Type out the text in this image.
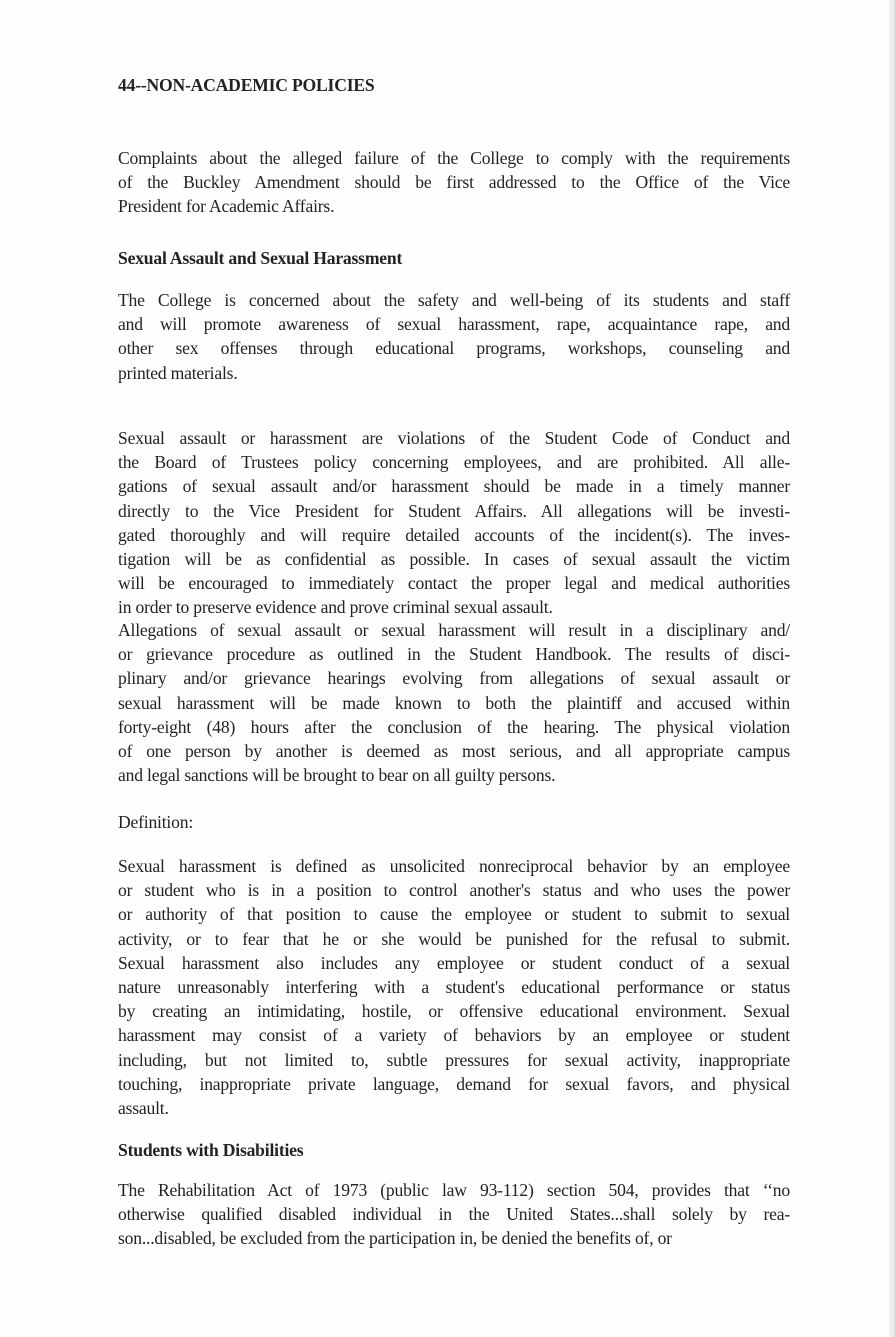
44--NON-ACADEMIC POLICIES
Complaints about the alleged failure of the College to comply with the requirements
of the Buckley Amendment should be first addressed to the Office of the Vice
President for Academic Affairs.
Sexual Assault and Sexual Harassment
The College is concerned about the safety and well-being of its students and staff
and will promote awareness of sexual harassment, rape, acquaintance rape, and
other sex offenses through educational programs, workshops, counseling and
printed materials.
Sexual assault or harassment are violations of the Student Code of Conduct and
the Board of Trustees policy concerning employees, and are prohibited. All alle-
gations of sexual assault and/or harassment should be made in a timely manner
directly to the Vice President for Student Affairs. All allegations will be investi-
gated thoroughly and will require detailed accounts of the incident(s). The inves-
tigation will be as confidential as possible. In cases of sexual assault the victim
will be encouraged to immediately contact the proper legal and medical authorities
in order to preserve evidence and prove criminal sexual assault.
Allegations of sexual assault or sexual harassment will result in a disciplinary and/
or grievance procedure as outlined in the Student Handbook. The results of disci-
plinary and/or grievance hearings evolving from allegations of sexual assault or
sexual harassment will be made known to both the plaintiff and accused within
forty-eight (48) hours after the conclusion of the hearing. The physical violation
of one person by another is deemed as most serious, and all appropriate campus
and legal sanctions will be brought to bear on all guilty persons.
Definition:
Sexual harassment is defined as unsolicited nonreciprocal behavior by an employee
or student who is in a position to control another's status and who uses the power
or authority of that position to cause the employee or student to submit to sexual
activity, or to fear that he or she would be punished for the refusal to submit.
Sexual harassment also includes any employee or student conduct of a sexual
nature unreasonably interfering with a student's educational performance or status
by creating an intimidating, hostile, or offensive educational environment. Sexual
harassment may consist of a variety of behaviors by an employee or student
including, but not limited to, subtle pressures for sexual activity, inappropriate
touching, inappropriate private language, demand for sexual favors, and physical
assault.
Students with Disabilities
The Rehabilitation Act of 1973 (public law 93-112) section 504, provides that ‘‘no
otherwise qualified disabled individual in the United States...shall solely by rea-
son...disabled, be excluded from the participation in, be denied the benefits of, or
